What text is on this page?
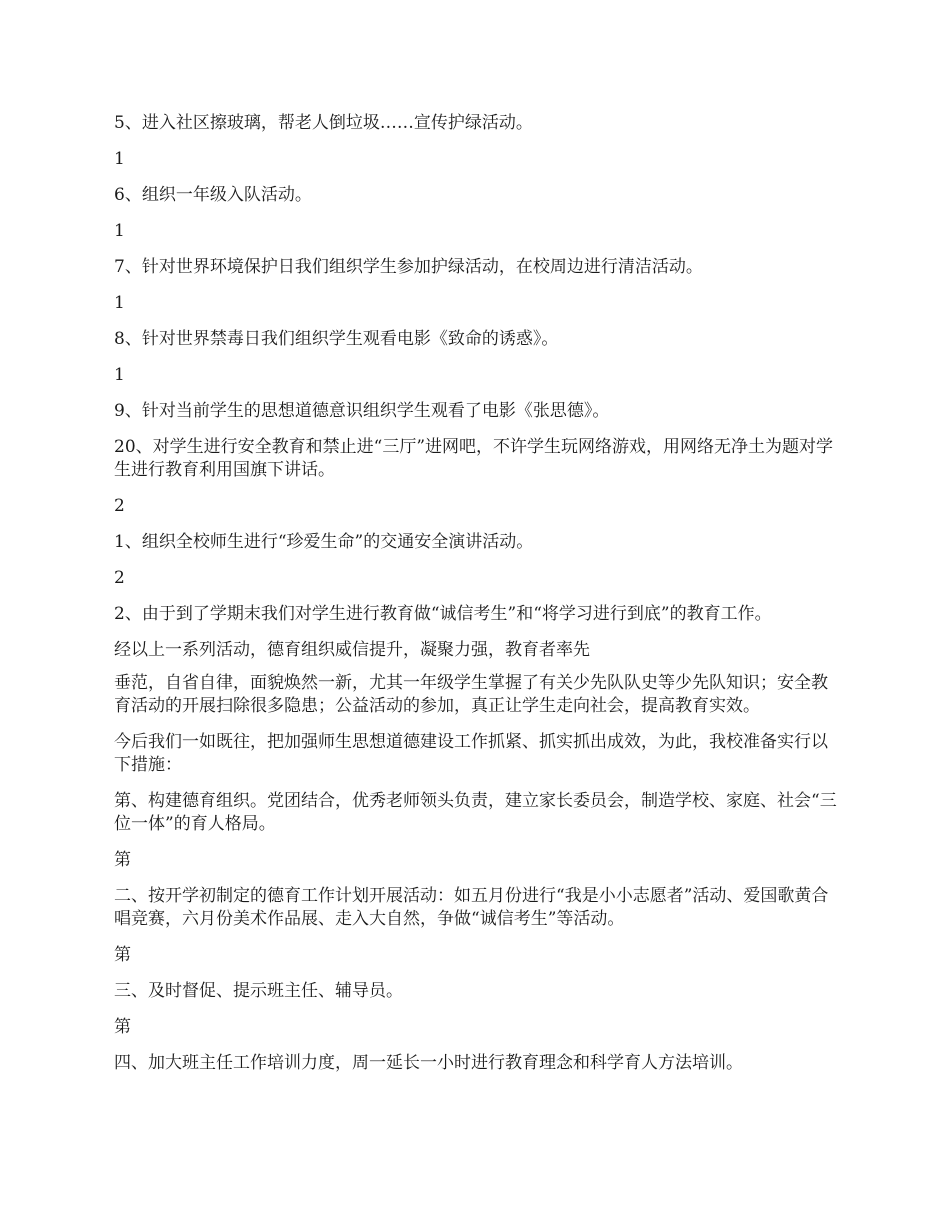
5、进入社区擦玻璃，帮老人倒垃圾……宣传护绿活动。

1

6、组织一年级入队活动。

1

7、针对世界环境保护日我们组织学生参加护绿活动，在校周边进行清洁活动。

1

8、针对世界禁毒日我们组织学生观看电影《致命的诱惑》。

1

9、针对当前学生的思想道德意识组织学生观看了电影《张思德》。

20、对学生进行安全教育和禁止进“三厅”进网吧，不许学生玩网络游戏，用网络无净土为题对学生进行教育利用国旗下讲话。

2

1、组织全校师生进行“珍爱生命”的交通安全演讲活动。

2

2、由于到了学期末我们对学生进行教育做“诚信考生”和“将学习进行到底”的教育工作。

经以上一系列活动，德育组织威信提升，凝聚力强，教育者率先

垂范，自省自律，面貌焕然一新，尤其一年级学生掌握了有关少先队队史等少先队知识；安全教育活动的开展扫除很多隐患；公益活动的参加，真正让学生走向社会，提高教育实效。

今后我们一如既往，把加强师生思想道德建设工作抓紧、抓实抓出成效，为此，我校准备实行以下措施：

第、构建德育组织。党团结合，优秀老师领头负责，建立家长委员会，制造学校、家庭、社会“三位一体”的育人格局。

第

二、按开学初制定的德育工作计划开展活动：如五月份进行“我是小小志愿者”活动、爱国歌黄合唱竞赛，六月份美术作品展、走入大自然，争做“诚信考生”等活动。

第

三、及时督促、提示班主任、辅导员。

第

四、加大班主任工作培训力度，周一延长一小时进行教育理念和科学育人方法培训。
